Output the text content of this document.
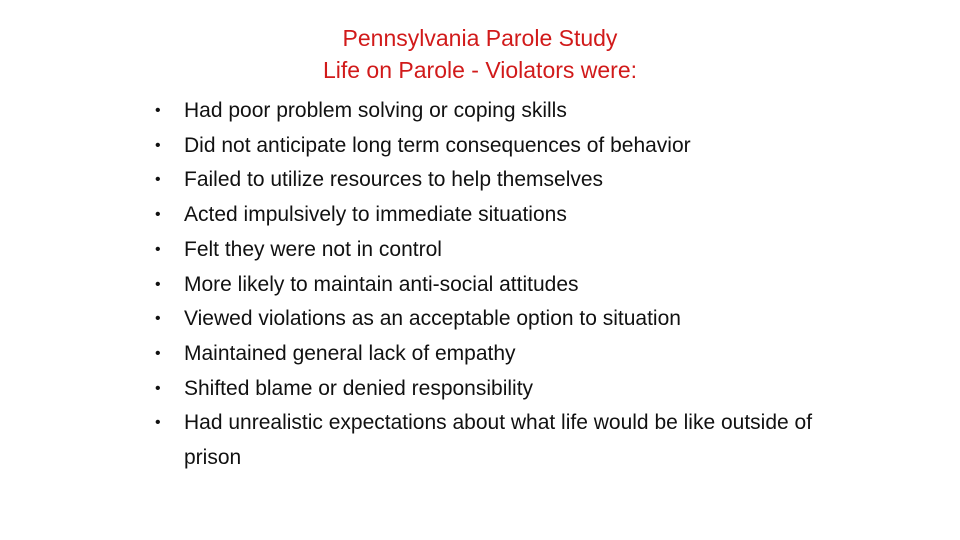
Pennsylvania Parole Study
Life on Parole - Violators were:
• Had poor problem solving or coping skills
• Did not anticipate long term consequences of behavior
• Failed to utilize resources to help themselves
• Acted impulsively to immediate situations
• Felt they were not in control
• More likely to maintain anti-social attitudes
• Viewed violations as an acceptable option to situation
• Maintained general lack of empathy
• Shifted blame or denied responsibility
• Had unrealistic expectations about what life would be like outside of prison
